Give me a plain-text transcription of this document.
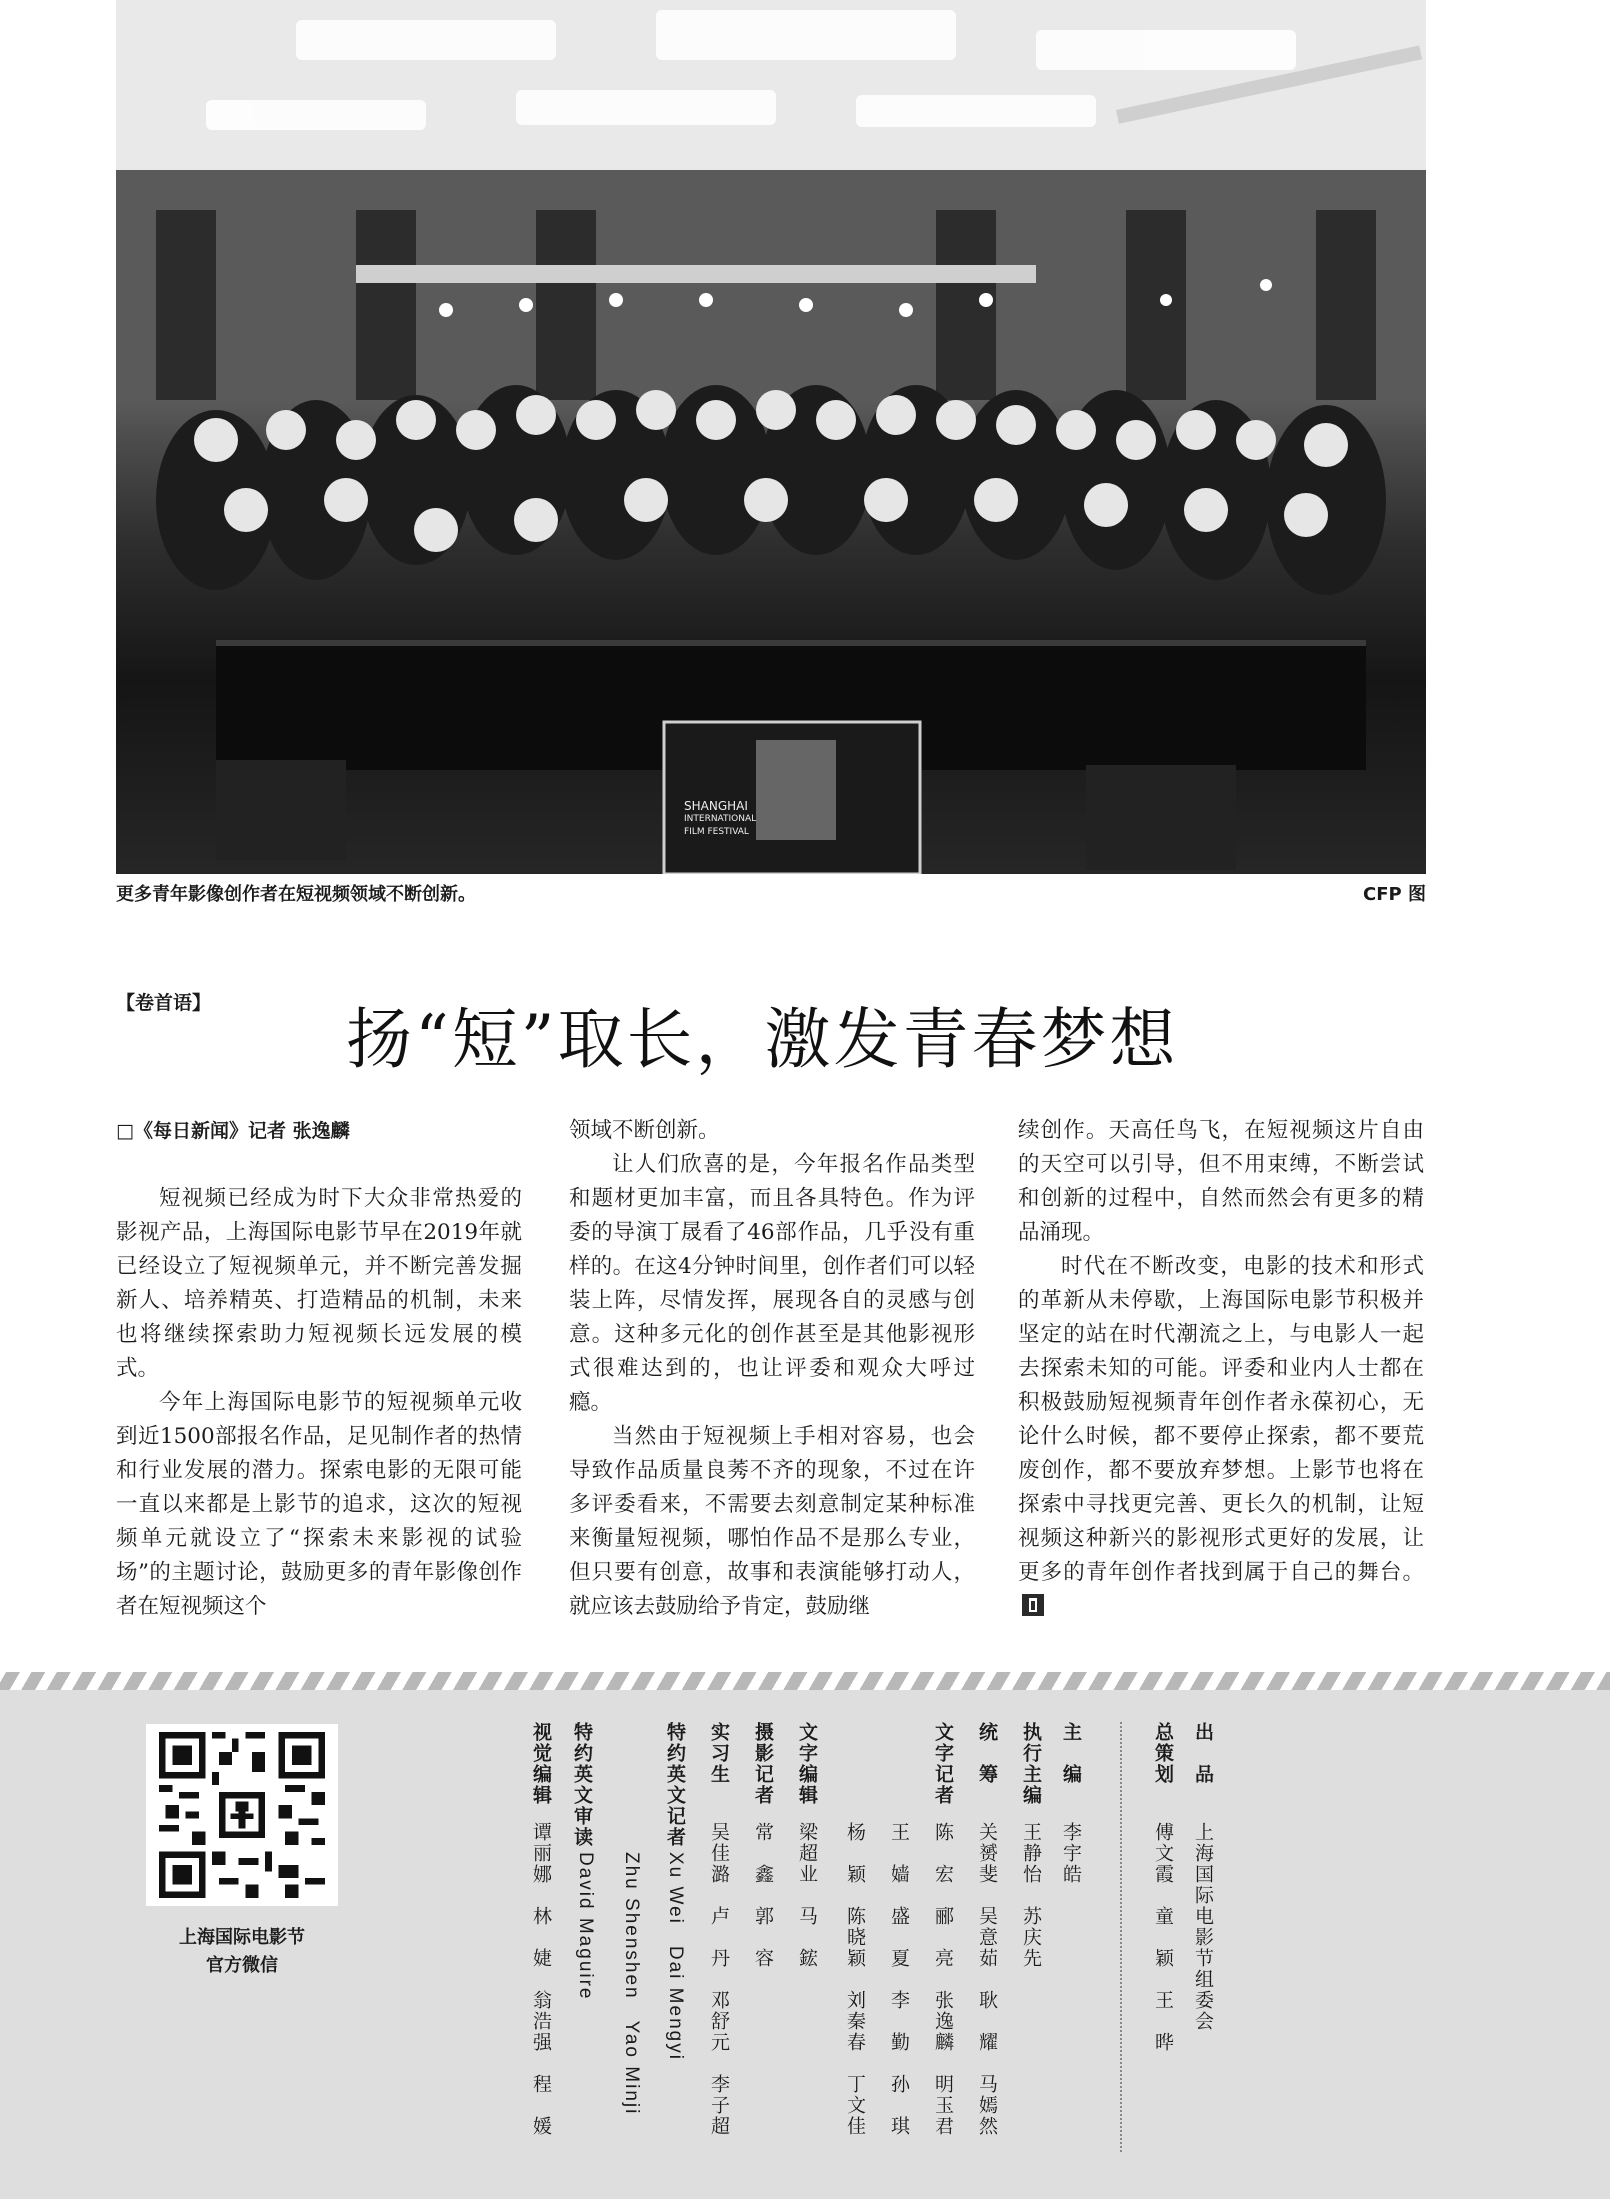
SHANGHAI
INTERNATIONAL
FILM FESTIVAL
更多青年影像创作者在短视频领域不断创新。	CFP 图
【卷首语】 扬“短”取长，激发青春梦想

□《每日新闻》记者 张逸麟

短视频已经成为时下大众非常热爱的影视产品，上海国际电影节早在2019年就已经设立了短视频单元，并不断完善发掘新人、培养精英、打造精品的机制，未来也将继续探索助力短视频长远发展的模式。

今年上海国际电影节的短视频单元收到近1500部报名作品，足见制作者的热情和行业发展的潜力。探索电影的无限可能一直以来都是上影节的追求，这次的短视频单元就设立了“探索未来影视的试验场”的主题讨论，鼓励更多的青年影像创作者在短视频这个

领域不断创新。

让人们欣喜的是，今年报名作品类型和题材更加丰富，而且各具特色。作为评委的导演丁晟看了46部作品，几乎没有重样的。在这4分钟时间里，创作者们可以轻装上阵，尽情发挥，展现各自的灵感与创意。这种多元化的创作甚至是其他影视形式很难达到的，也让评委和观众大呼过瘾。

当然由于短视频上手相对容易，也会导致作品质量良莠不齐的现象，不过在许多评委看来，不需要去刻意制定某种标准来衡量短视频，哪怕作品不是那么专业，但只要有创意，故事和表演能够打动人，就应该去鼓励给予肯定，鼓励继

续创作。天高任鸟飞，在短视频这片自由的天空可以引导，但不用束缚，不断尝试和创新的过程中，自然而然会有更多的精品涌现。

时代在不断改变，电影的技术和形式的革新从未停歇，上海国际电影节积极并坚定的站在时代潮流之上，与电影人一起去探索未知的可能。评委和业内人士都在积极鼓励短视频青年创作者永葆初心，无论什么时候，都不要停止探索，都不要荒废创作，都不要放弃梦想。上影节也将在探索中寻找更完善、更长久的机制，让短视频这种新兴的影视形式更好的发展，让更多的青年创作者找到属于自己的舞台。

上海国际电影节
官方微信
出　品
上海国际电影节组委会
总策划
傅文霞　童　颖　王　晔
主　编
李宇皓
执行主编
王静怡　苏庆先
统　筹
关赟斐　吴意茹　耿　耀　马嫣然
文字记者
陈　宏　郦　亮　张逸麟　明玉君
王　嫱　盛　夏　李　勤　孙　琪
杨　颖　陈晓颖　刘秦春　丁文佳
文字编辑
梁超业　马　鋐
摄影记者
常　鑫　郭　容
实习生
吴佳潞　卢　丹　邓舒元　李子超
特约英文记者
Xu Wei　Dai Mengyi
Zhu Shenshen　Yao Minji
特约英文审读
David Maguire
视觉编辑
谭丽娜　林　婕　翁浩强　程　媛
